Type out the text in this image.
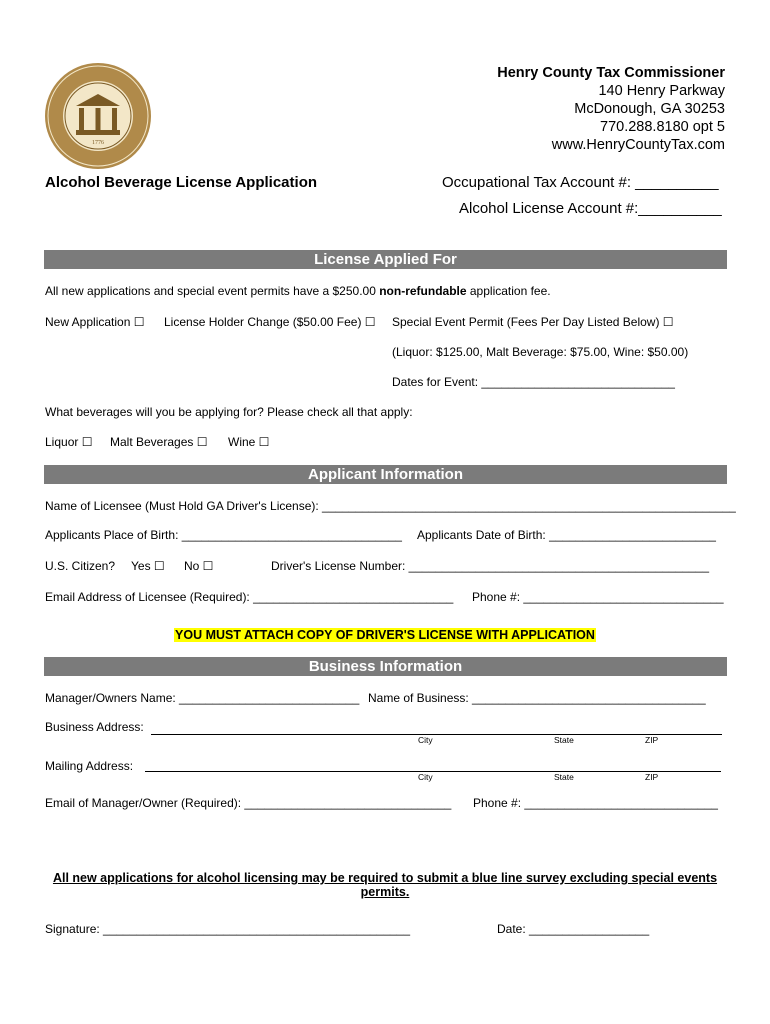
1776
Henry County Tax Commissioner
140 Henry Parkway
McDonough, GA 30253
770.288.8180 opt 5
www.HenryCountyTax.com
Alcohol Beverage License Application	Occupational Tax Account #: __________
Alcohol License Account #:__________
License Applied For
All new applications and special event permits have a $250.00 non-refundable application fee.
New Application ☐ License Holder Change ($50.00 Fee) ☐ Special Event Permit (Fees Per Day Listed Below) ☐
(Liquor: $125.00, Malt Beverage: $75.00, Wine: $50.00)
Dates for Event: _____________________________
What beverages will you be applying for? Please check all that apply:
Liquor ☐ Malt Beverages ☐ Wine ☐
Applicant Information
Name of Licensee (Must Hold GA Driver's License): ______________________________________________________________
Applicants Place of Birth: _________________________________ Applicants Date of Birth: _________________________
U.S. Citizen? Yes ☐ No ☐	Driver's License Number: _____________________________________________
Email Address of Licensee (Required): ______________________________ Phone #: ______________________________
YOU MUST ATTACH COPY OF DRIVER'S LICENSE WITH APPLICATION
Business Information
Manager/Owners Name: ___________________________ Name of Business: ___________________________________
Business Address:
City	State	ZIP
Mailing Address:
City	State	ZIP
Email of Manager/Owner (Required): _______________________________ Phone #: _____________________________
All new applications for alcohol licensing may be required to submit a blue line survey excluding special events
permits.
Signature: ______________________________________________	Date: __________________
